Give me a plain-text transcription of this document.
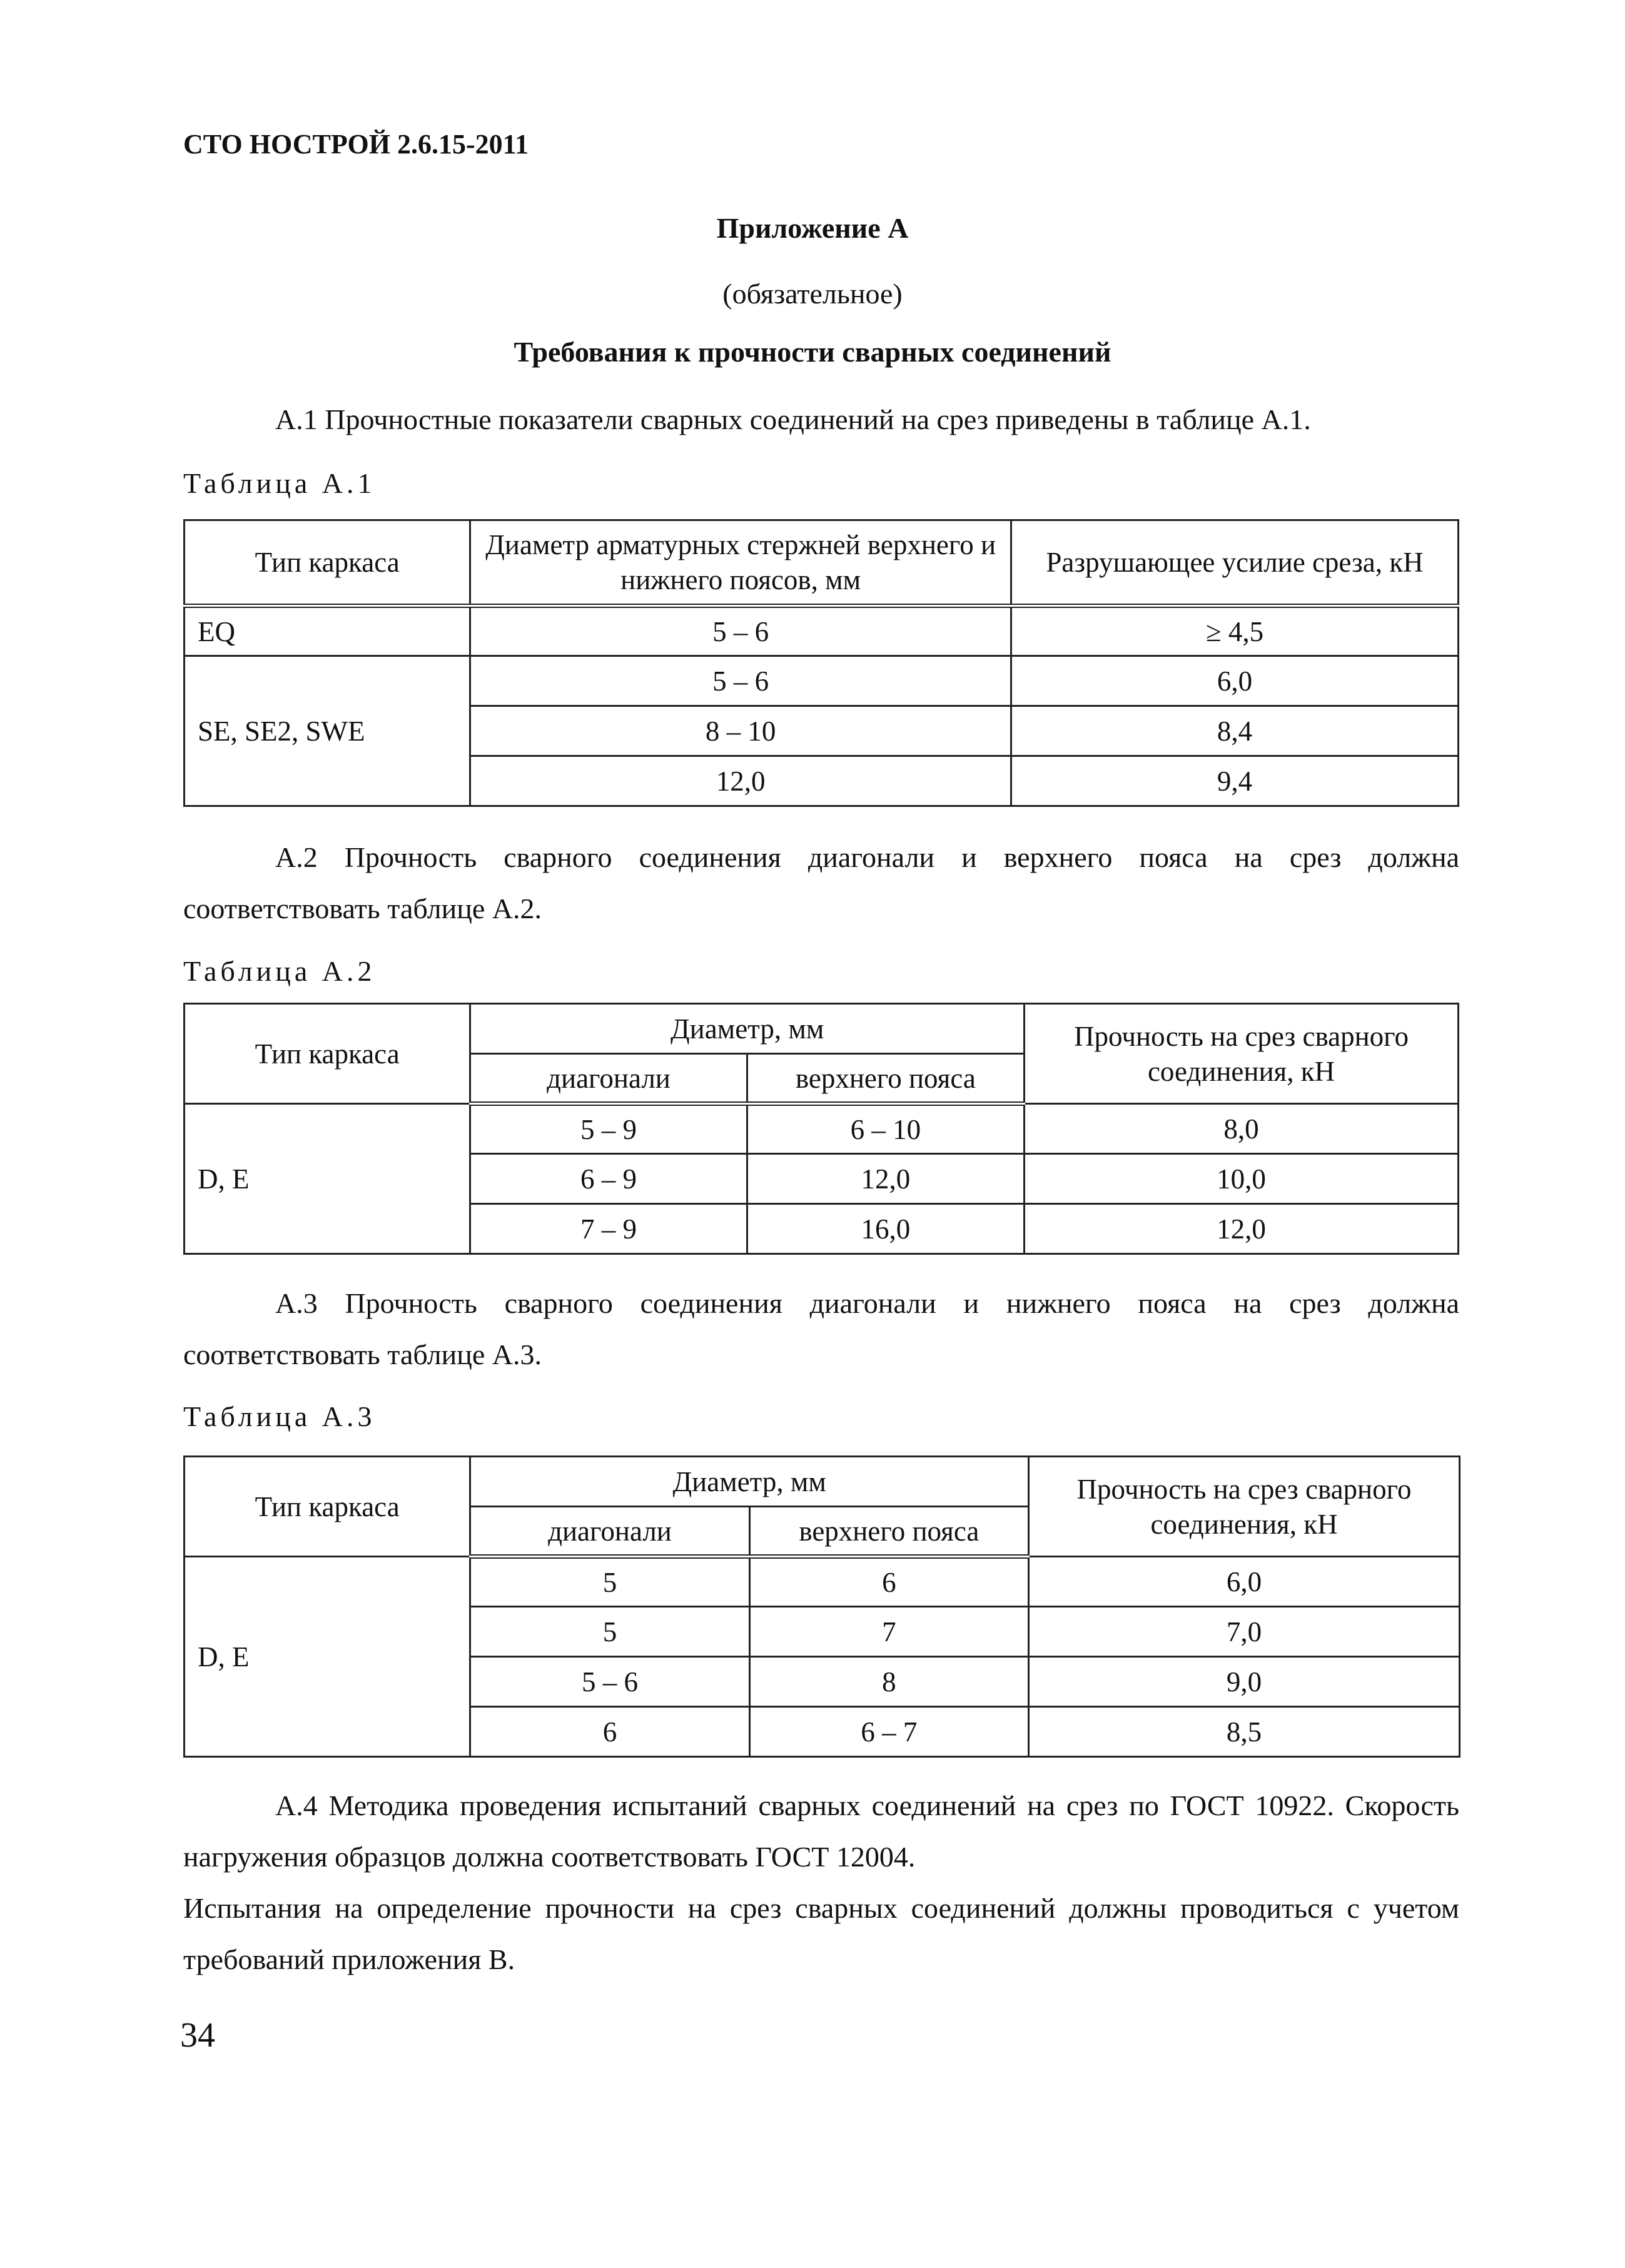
СТО НОСТРОЙ 2.6.15-2011
Приложение А
(обязательное)
Требования к прочности сварных соединений
А.1 Прочностные показатели сварных соединений на срез приведены в таблице А.1.
Таблица А.1
Тип каркаса	Диаметр арматурных стержней верхнего и нижнего поясов, мм	Разрушающее усилие среза, кН
EQ	5 – 6	≥ 4,5
SE, SE2, SWE	5 – 6	6,0
	8 – 10	8,4
	12,0	9,4
А.2 Прочность сварного соединения диагонали и верхнего пояса на срез должна соответствовать таблице А.2.
Таблица А.2
Тип каркаса	Диаметр, мм		Прочность на срез сварного соединения, кН
	диагонали	верхнего пояса	
D, E	5 – 9	6 – 10	8,0
	6 – 9	12,0	10,0
	7 – 9	16,0	12,0
А.3 Прочность сварного соединения диагонали и нижнего пояса на срез должна соответствовать таблице А.3.
Таблица А.3
Тип каркаса	Диаметр, мм		Прочность на срез сварного соединения, кН
	диагонали	верхнего пояса	
D, E	5	6	6,0
	5	7	7,0
	5 – 6	8	9,0
	6	6 – 7	8,5
А.4 Методика проведения испытаний сварных соединений на срез по ГОСТ 10922. Скорость нагружения образцов должна соответствовать ГОСТ 12004.
Испытания на определение прочности на срез сварных соединений должны проводиться с учетом требований приложения В.
34
